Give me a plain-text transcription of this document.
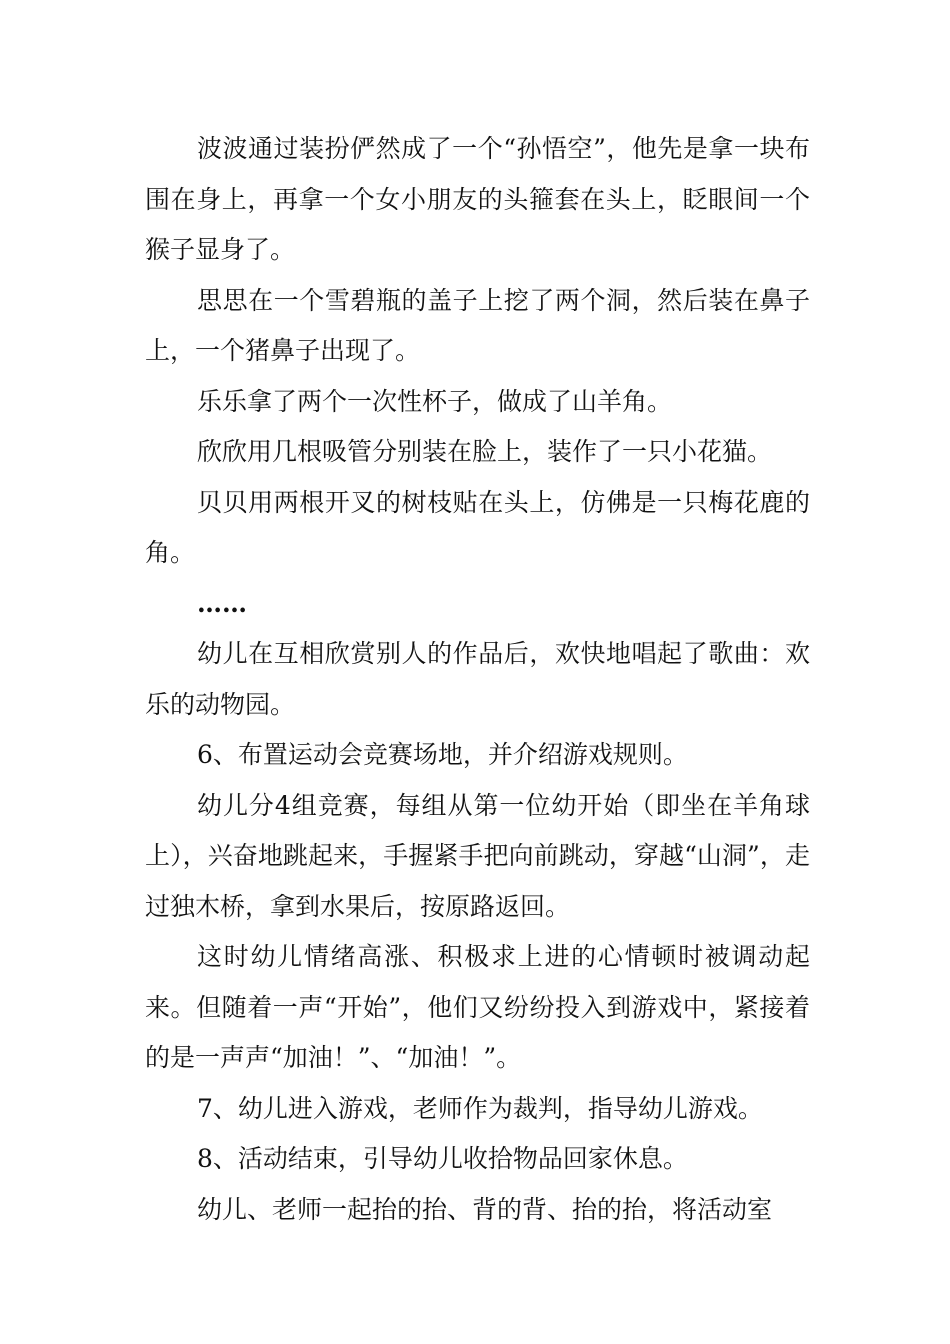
波波通过装扮俨然成了一个“孙悟空”，他先是拿一块布围在身上，再拿一个女小朋友的头箍套在头上，眨眼间一个猴子显身了。

思思在一个雪碧瓶的盖子上挖了两个洞，然后装在鼻子上，一个猪鼻子出现了。

乐乐拿了两个一次性杯子，做成了山羊角。

欣欣用几根吸管分别装在脸上，装作了一只小花猫。

贝贝用两根开叉的树枝贴在头上，仿佛是一只梅花鹿的角。

……

幼儿在互相欣赏别人的作品后，欢快地唱起了歌曲：欢乐的动物园。

6、布置运动会竞赛场地，并介绍游戏规则。

幼儿分4组竞赛，每组从第一位幼开始（即坐在羊角球上），兴奋地跳起来，手握紧手把向前跳动，穿越“山洞”，走过独木桥，拿到水果后，按原路返回。

这时幼儿情绪高涨、积极求上进的心情顿时被调动起来。但随着一声“开始”，他们又纷纷投入到游戏中，紧接着的是一声声“加油！”、“加油！”。

7、幼儿进入游戏，老师作为裁判，指导幼儿游戏。

8、活动结束，引导幼儿收拾物品回家休息。

幼儿、老师一起抬的抬、背的背、抬的抬，将活动室
